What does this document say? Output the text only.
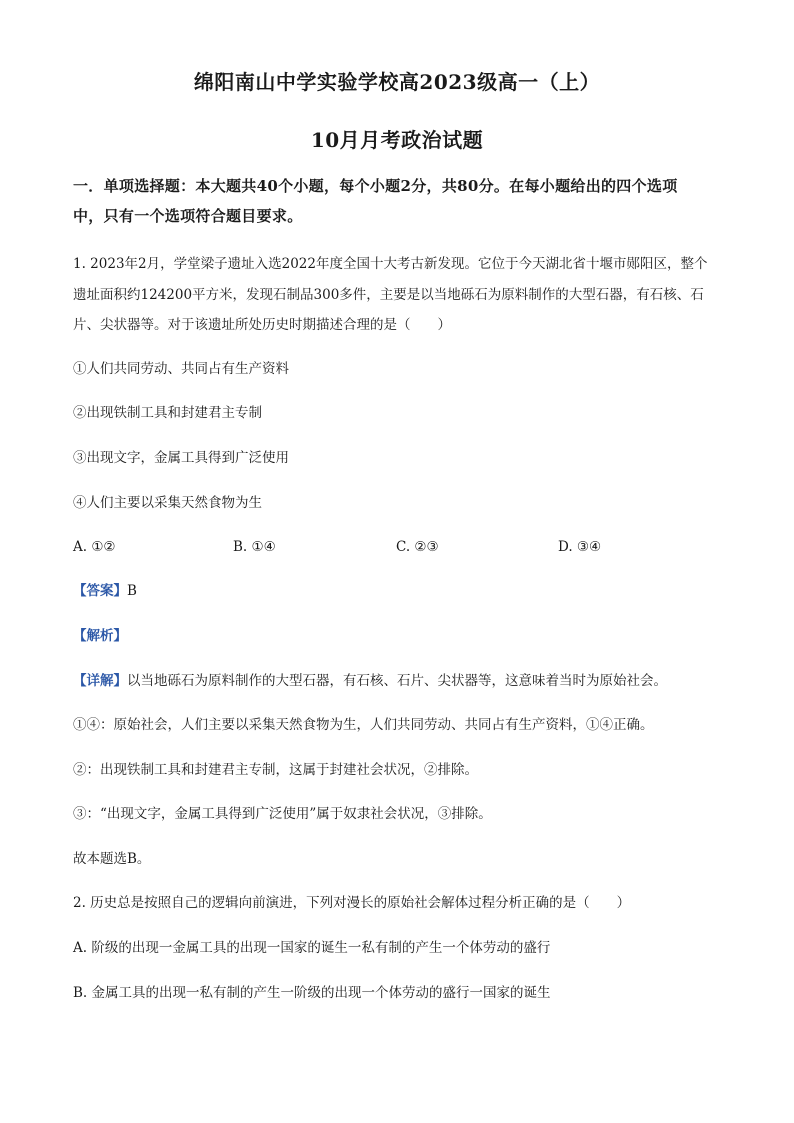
绵阳南山中学实验学校高2023级高一（上）
10月月考政治试题
一．单项选择题：本大题共40个小题，每个小题2分，共80分。在每小题给出的四个选项
中，只有一个选项符合题目要求。
1. 2023年2月，学堂梁子遗址入选2022年度全国十大考古新发现。它位于今天湖北省十堰市郧阳区，整个
遗址面积约124200平方米，发现石制品300多件，主要是以当地砾石为原料制作的大型石器，有石核、石
片、尖状器等。对于该遗址所处历史时期描述合理的是（　　）
①人们共同劳动、共同占有生产资料
②出现铁制工具和封建君主专制
③出现文字，金属工具得到广泛使用
④人们主要以采集天然食物为生
A. ①②	B. ①④	C. ②③	D. ③④
【答案】B
【解析】
【详解】以当地砾石为原料制作的大型石器，有石核、石片、尖状器等，这意味着当时为原始社会。
①④：原始社会，人们主要以采集天然食物为生，人们共同劳动、共同占有生产资料，①④正确。
②：出现铁制工具和封建君主专制，这属于封建社会状况，②排除。
③：“出现文字，金属工具得到广泛使用”属于奴隶社会状况，③排除。
故本题选B。
2. 历史总是按照自己的逻辑向前演进，下列对漫长的原始社会解体过程分析正确的是（　　）
A. 阶级的出现一金属工具的出现一国家的诞生一私有制的产生一个体劳动的盛行
B. 金属工具的出现一私有制的产生一阶级的出现一个体劳动的盛行一国家的诞生
